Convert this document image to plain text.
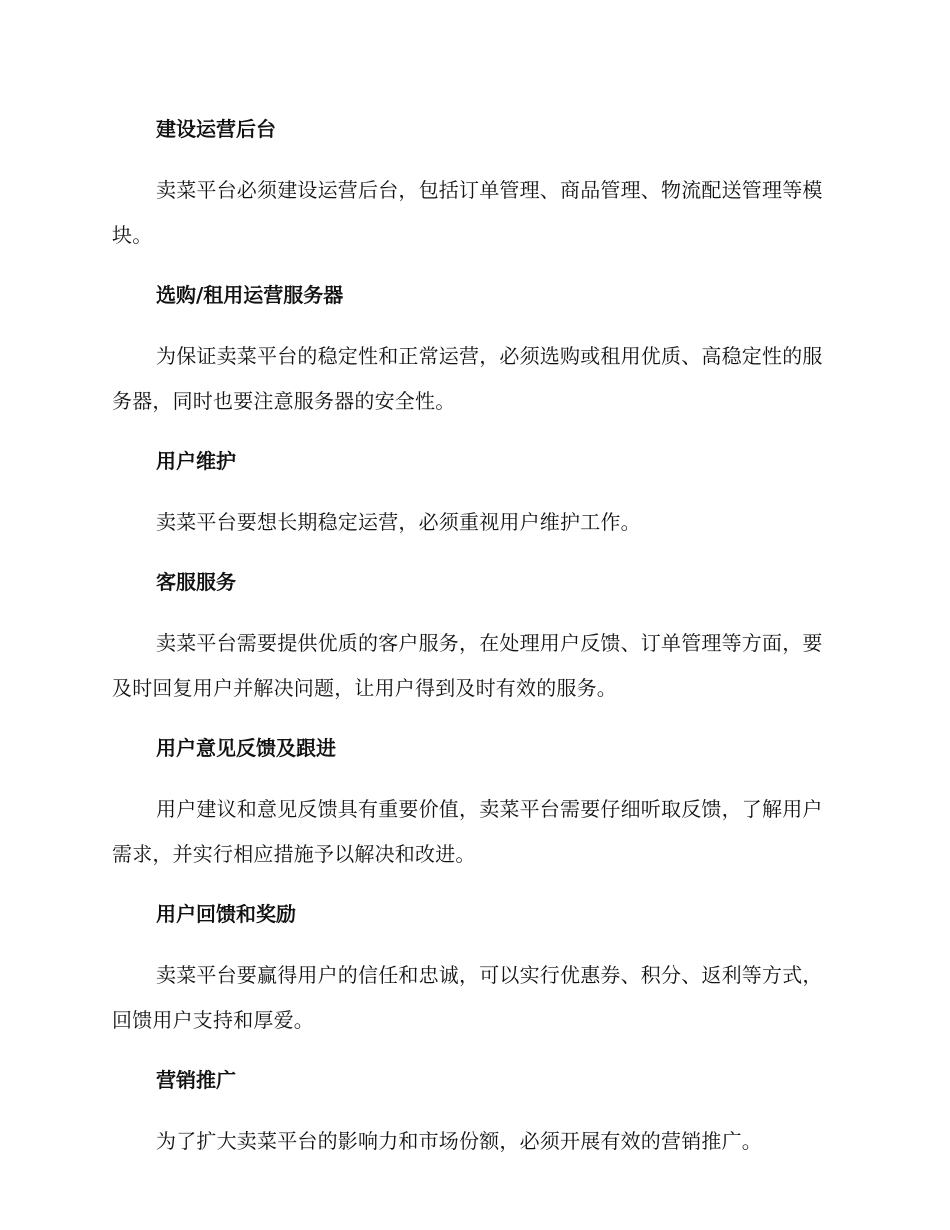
建设运营后台

卖菜平台必须建设运营后台，包括订单管理、商品管理、物流配送管理等模块。

选购/租用运营服务器

为保证卖菜平台的稳定性和正常运营，必须选购或租用优质、高稳定性的服务器，同时也要注意服务器的安全性。

用户维护

卖菜平台要想长期稳定运营，必须重视用户维护工作。

客服服务

卖菜平台需要提供优质的客户服务，在处理用户反馈、订单管理等方面，要及时回复用户并解决问题，让用户得到及时有效的服务。

用户意见反馈及跟进

用户建议和意见反馈具有重要价值，卖菜平台需要仔细听取反馈，了解用户需求，并实行相应措施予以解决和改进。

用户回馈和奖励

卖菜平台要赢得用户的信任和忠诚，可以实行优惠券、积分、返利等方式，回馈用户支持和厚爱。

营销推广

为了扩大卖菜平台的影响力和市场份额，必须开展有效的营销推广。
